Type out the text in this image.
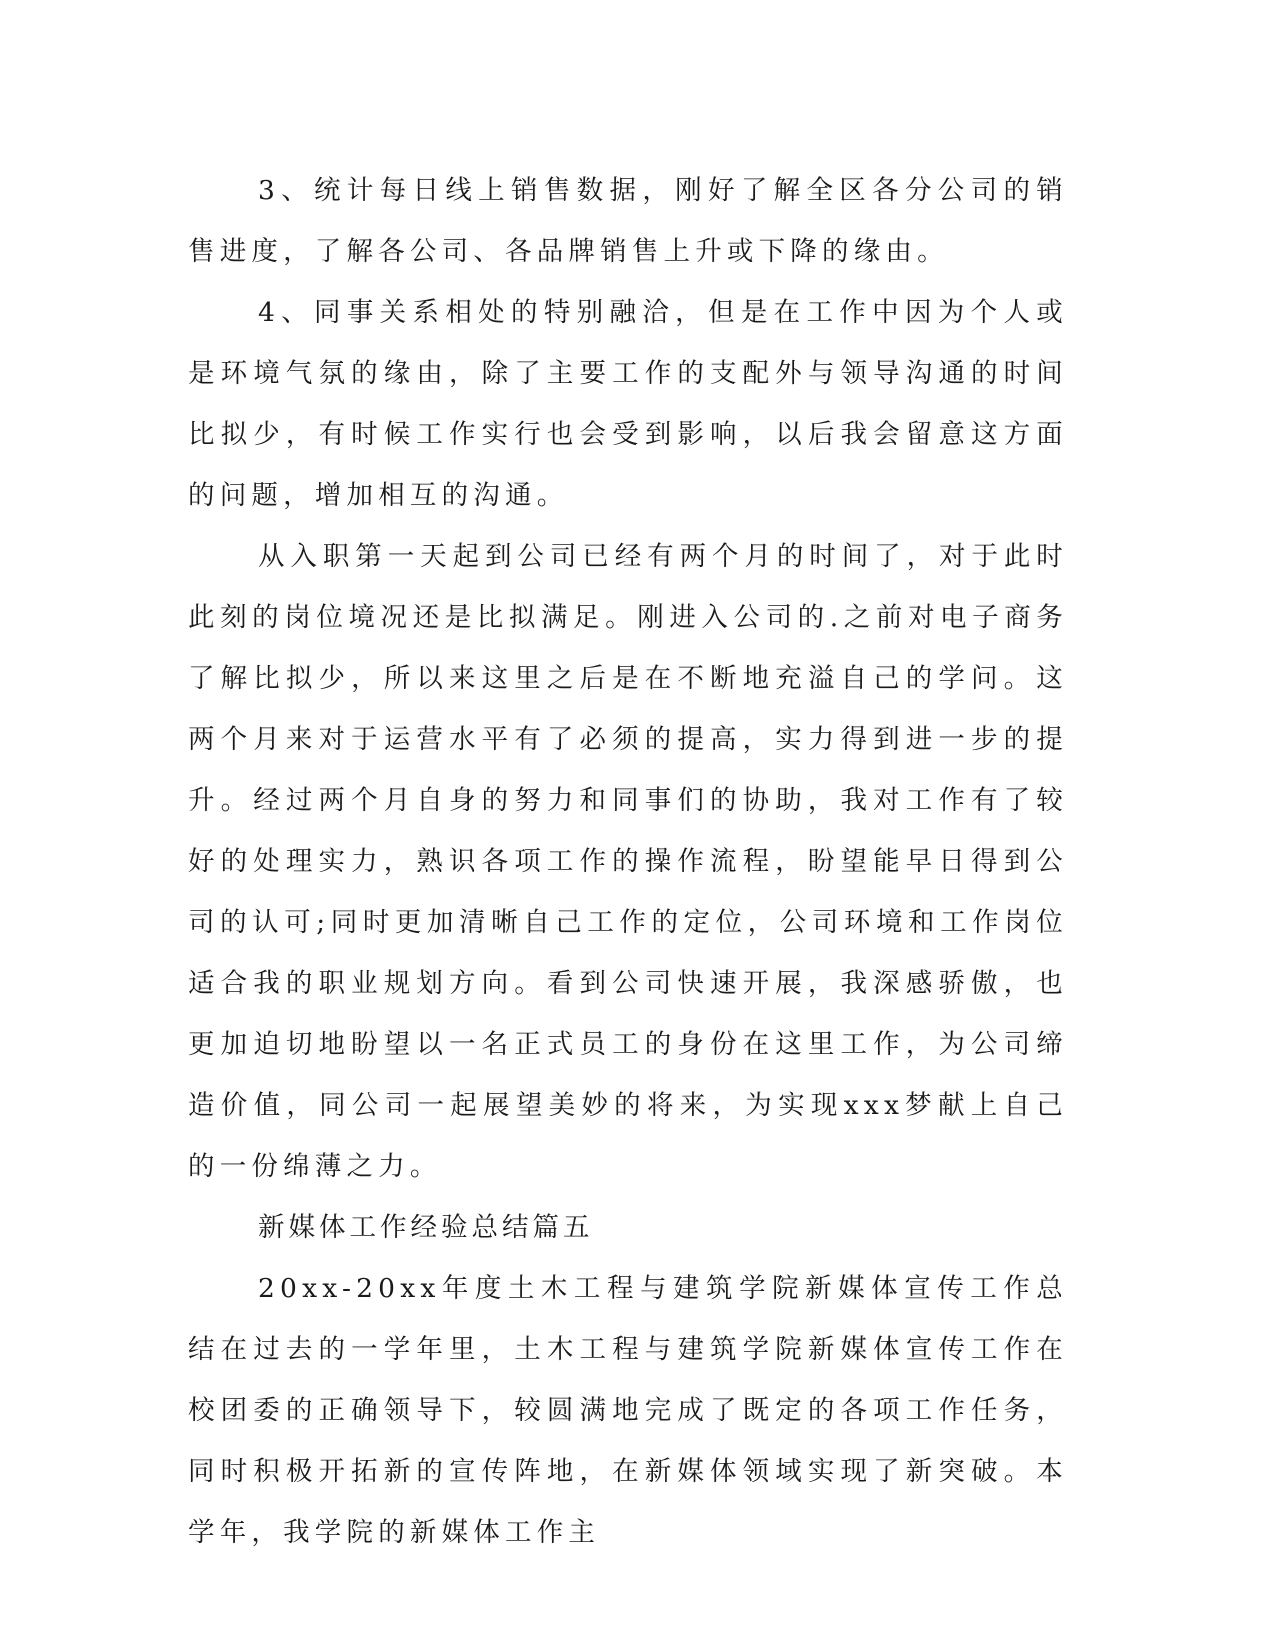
3、统计每日线上销售数据，刚好了解全区各分公司的销售进度，了解各公司、各品牌销售上升或下降的缘由。

4、同事关系相处的特别融洽，但是在工作中因为个人或是环境气氛的缘由，除了主要工作的支配外与领导沟通的时间比拟少，有时候工作实行也会受到影响，以后我会留意这方面的问题，增加相互的沟通。

从入职第一天起到公司已经有两个月的时间了，对于此时此刻的岗位境况还是比拟满足。刚进入公司的.之前对电子商务了解比拟少，所以来这里之后是在不断地充溢自己的学问。这两个月来对于运营水平有了必须的提高，实力得到进一步的提升。经过两个月自身的努力和同事们的协助，我对工作有了较好的处理实力，熟识各项工作的操作流程，盼望能早日得到公司的认可;同时更加清晰自己工作的定位，公司环境和工作岗位适合我的职业规划方向。看到公司快速开展，我深感骄傲，也更加迫切地盼望以一名正式员工的身份在这里工作，为公司缔造价值，同公司一起展望美妙的将来，为实现xxx梦献上自己的一份绵薄之力。

新媒体工作经验总结篇五

20xx-20xx年度土木工程与建筑学院新媒体宣传工作总结在过去的一学年里，土木工程与建筑学院新媒体宣传工作在校团委的正确领导下，较圆满地完成了既定的各项工作任务，同时积极开拓新的宣传阵地，在新媒体领域实现了新突破。本学年，我学院的新媒体工作主
